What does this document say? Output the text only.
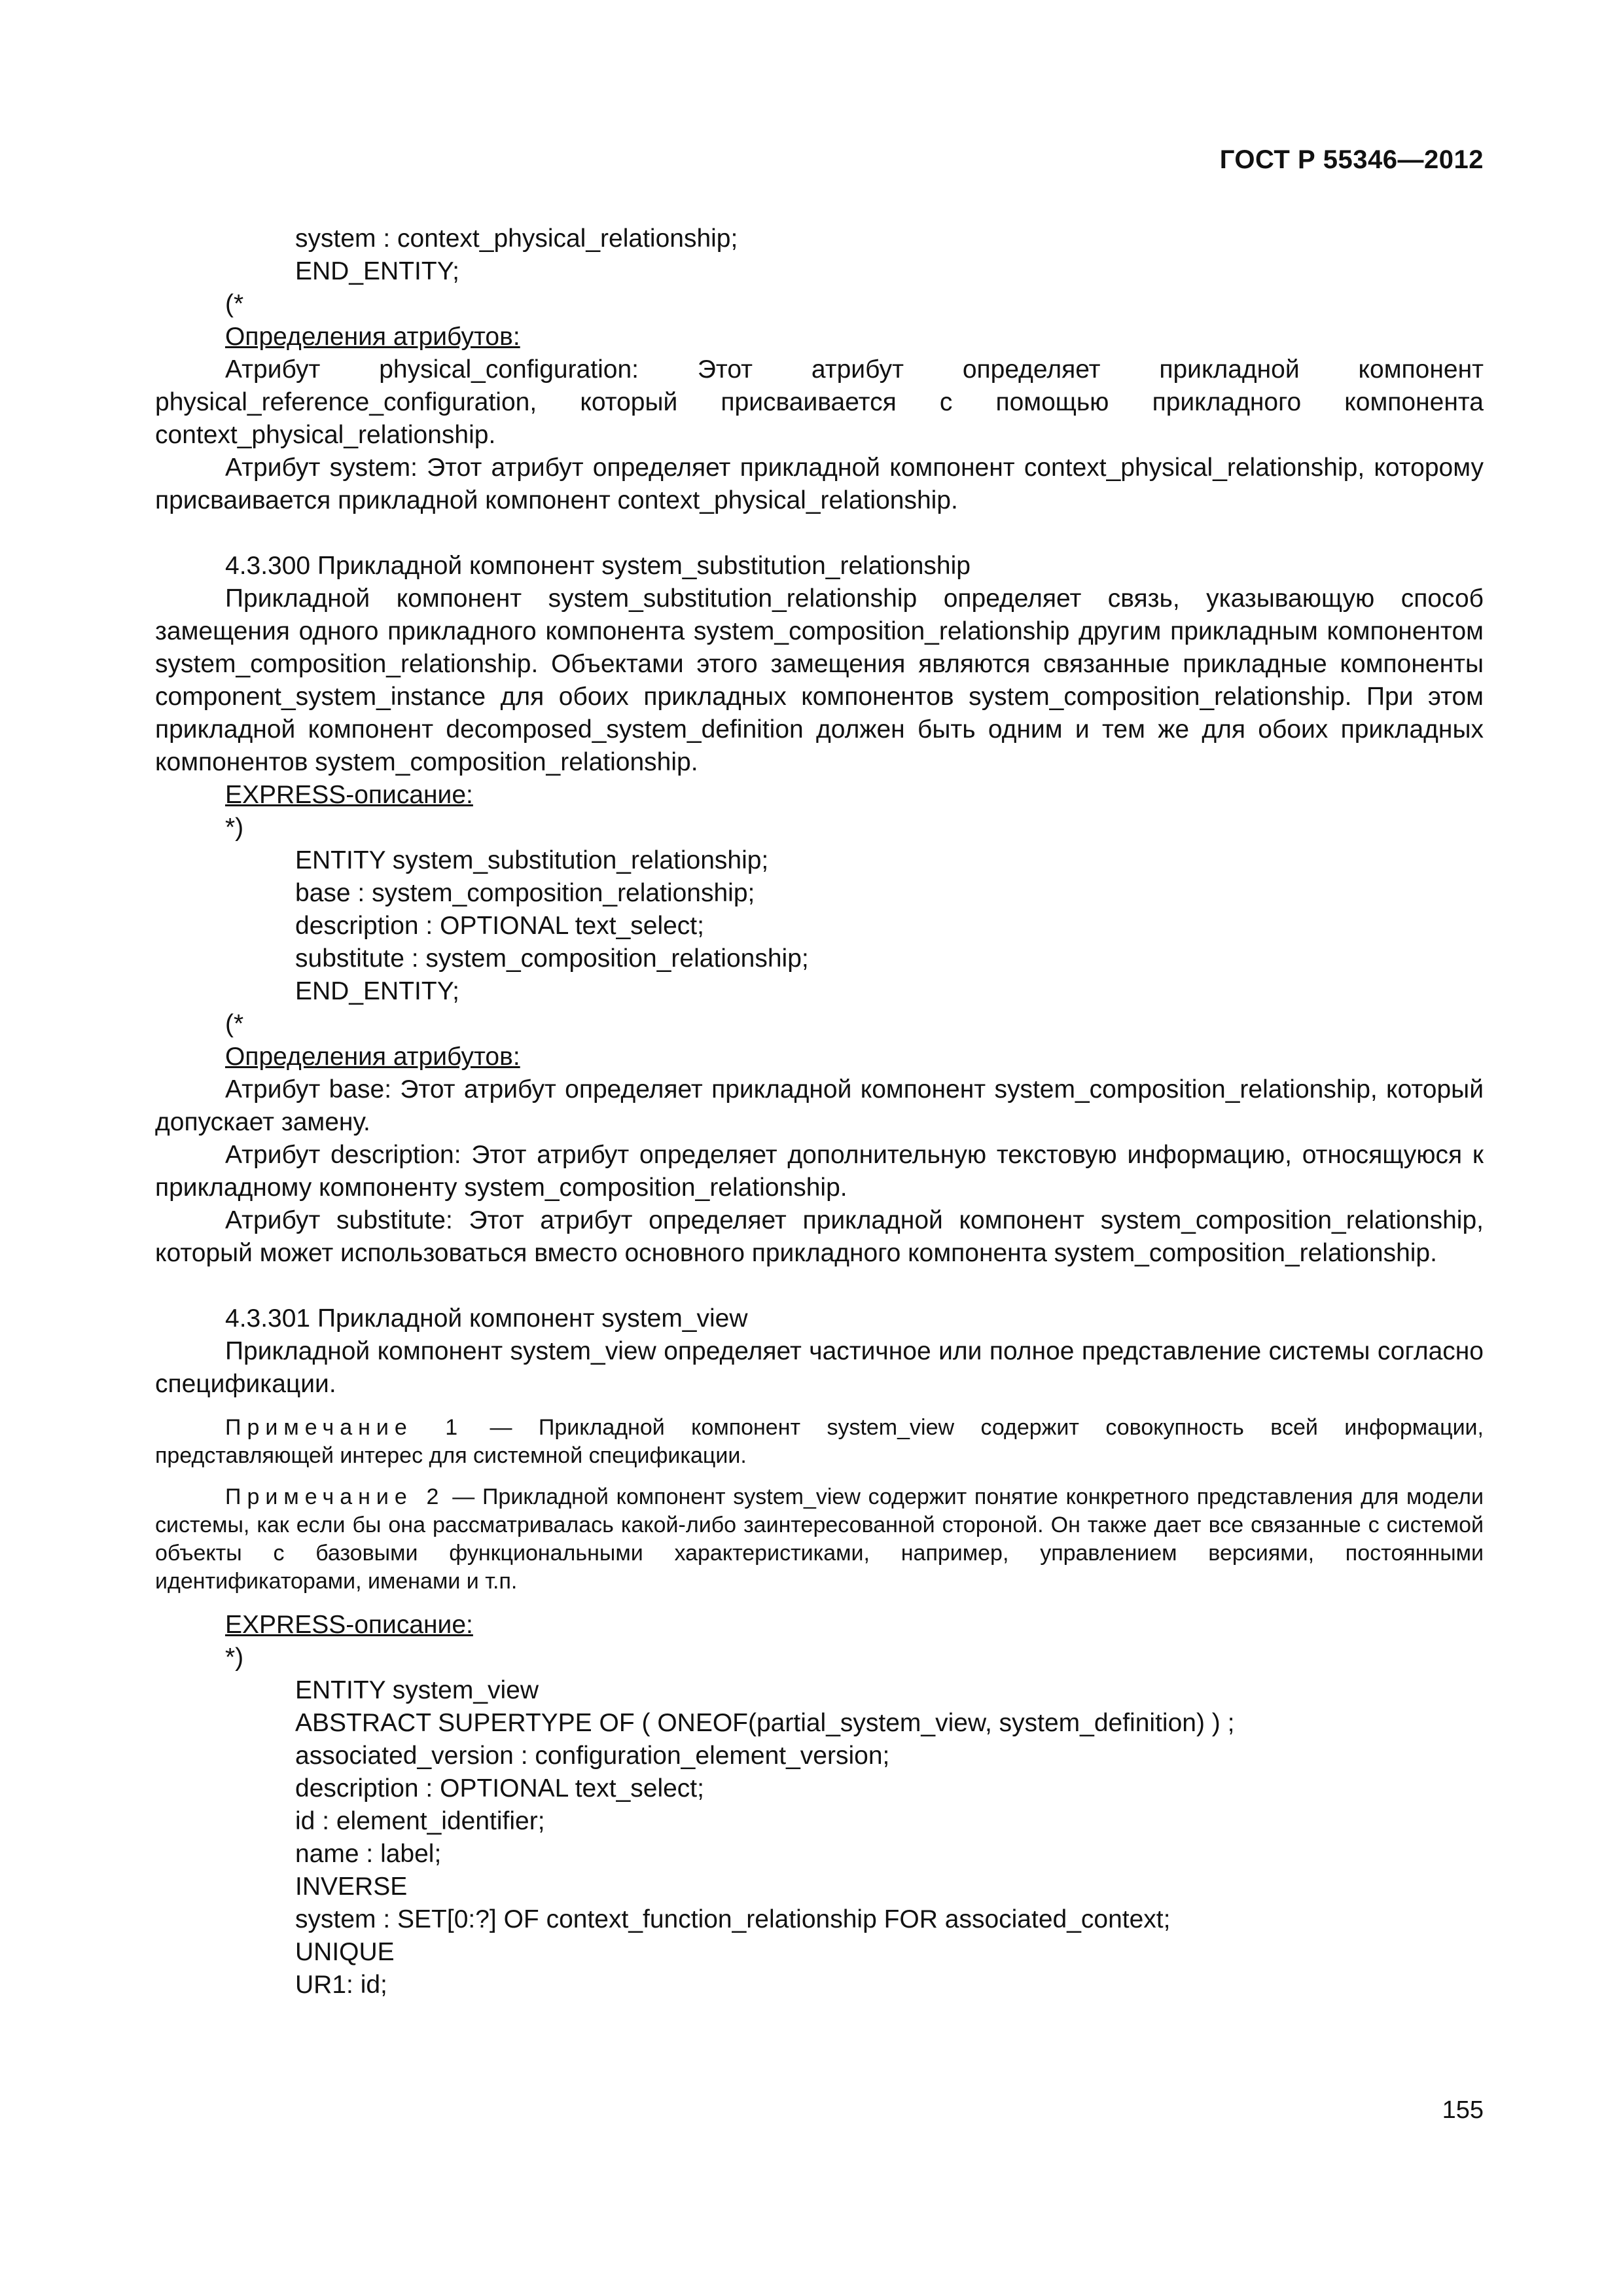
ГОСТ Р 55346—2012
system : context_physical_relationship;
END_ENTITY;
(*
Определения атрибутов:

Атрибут physical_configuration: Этот атрибут определяет прикладной компонент physical_reference_configuration, который присваивается с помощью прикладного компонента context_physical_relationship.

Атрибут system: Этот атрибут определяет прикладной компонент context_physical_relationship, которому присваивается прикладной компонент context_physical_relationship.

4.3.300 Прикладной компонент system_substitution_relationship

Прикладной компонент system_substitution_relationship определяет связь, указывающую способ замещения одного прикладного компонента system_composition_relationship другим прикладным компонентом system_composition_relationship. Объектами этого замещения являются связанные прикладные компоненты component_system_instance для обоих прикладных компонентов system_composition_relationship. При этом прикладной компонент decomposed_system_definition должен быть одним и тем же для обоих прикладных компонентов system_composition_relationship.

EXPRESS-описание:
*)
ENTITY system_substitution_relationship;
base : system_composition_relationship;
description : OPTIONAL text_select;
substitute : system_composition_relationship;
END_ENTITY;
(*
Определения атрибутов:

Атрибут base: Этот атрибут определяет прикладной компонент system_composition_relationship, который допускает замену.

Атрибут description: Этот атрибут определяет дополнительную текстовую информацию, относящуюся к прикладному компоненту system_composition_relationship.

Атрибут substitute: Этот атрибут определяет прикладной компонент system_composition_relationship, который может использоваться вместо основного прикладного компонента system_composition_relationship.

4.3.301 Прикладной компонент system_view

Прикладной компонент system_view определяет частичное или полное представление системы согласно спецификации.

Примечание 1 — Прикладной компонент system_view содержит совокупность всей информации, представляющей интерес для системной спецификации.

Примечание 2 — Прикладной компонент system_view содержит понятие конкретного представления для модели системы, как если бы она рассматривалась какой-либо заинтересованной стороной. Он также дает все связанные с системой объекты с базовыми функциональными характеристиками, например, управлением версиями, постоянными идентификаторами, именами и т.п.

EXPRESS-описание:
*)
ENTITY system_view
ABSTRACT SUPERTYPE OF ( ONEOF(partial_system_view, system_definition) ) ;
associated_version : configuration_element_version;
description : OPTIONAL text_select;
id : element_identifier;
name : label;
INVERSE
system : SET[0:?] OF context_function_relationship FOR associated_context;
UNIQUE
UR1: id;
155
